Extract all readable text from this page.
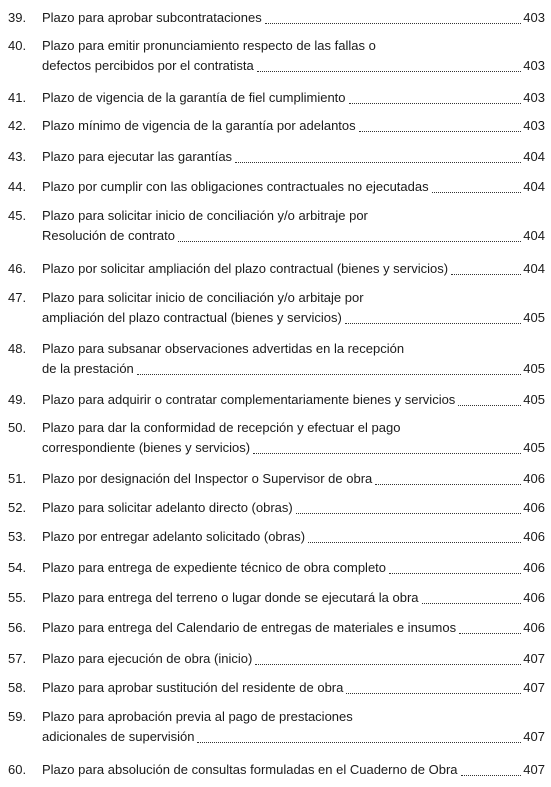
39.	Plazo para aprobar subcontrataciones	403
40.	Plazo para emitir pronunciamiento respecto de las fallas o
defectos percibidos por el contratista	403
41.	Plazo de vigencia de la garantía de fiel cumplimiento	403
42.	Plazo mínimo de vigencia de la garantía por adelantos	403
43.	Plazo para ejecutar las garantías	404
44.	Plazo por cumplir con las obligaciones contractuales no ejecutadas	404
45.	Plazo para solicitar inicio de conciliación y/o arbitraje por
Resolución de contrato	404
46.	Plazo por solicitar ampliación del plazo contractual (bienes y servicios)	404
47.	Plazo para solicitar inicio de conciliación y/o arbitaje por
ampliación del plazo contractual (bienes y servicios)	405
48.	Plazo para subsanar observaciones advertidas en la recepción
de la prestación	405
49.	Plazo para adquirir o contratar complementariamente bienes y servicios	405
50.	Plazo para dar la conformidad de recepción y efectuar el pago
correspondiente (bienes y servicios)	405
51.	Plazo por designación del Inspector o Supervisor de obra	406
52.	Plazo para solicitar adelanto directo (obras)	406
53.	Plazo por entregar adelanto solicitado (obras)	406
54.	Plazo para entrega de expediente técnico de obra completo	406
55.	Plazo para entrega del terreno o lugar donde se ejecutará la obra	406
56.	Plazo para entrega del Calendario de entregas de materiales e insumos	406
57.	Plazo para ejecución de obra (inicio)	407
58.	Plazo para aprobar sustitución del residente de obra	407
59.	Plazo para aprobación previa al pago de prestaciones
adicionales de supervisión	407
60.	Plazo para absolución de consultas formuladas en el Cuaderno de Obra	407
